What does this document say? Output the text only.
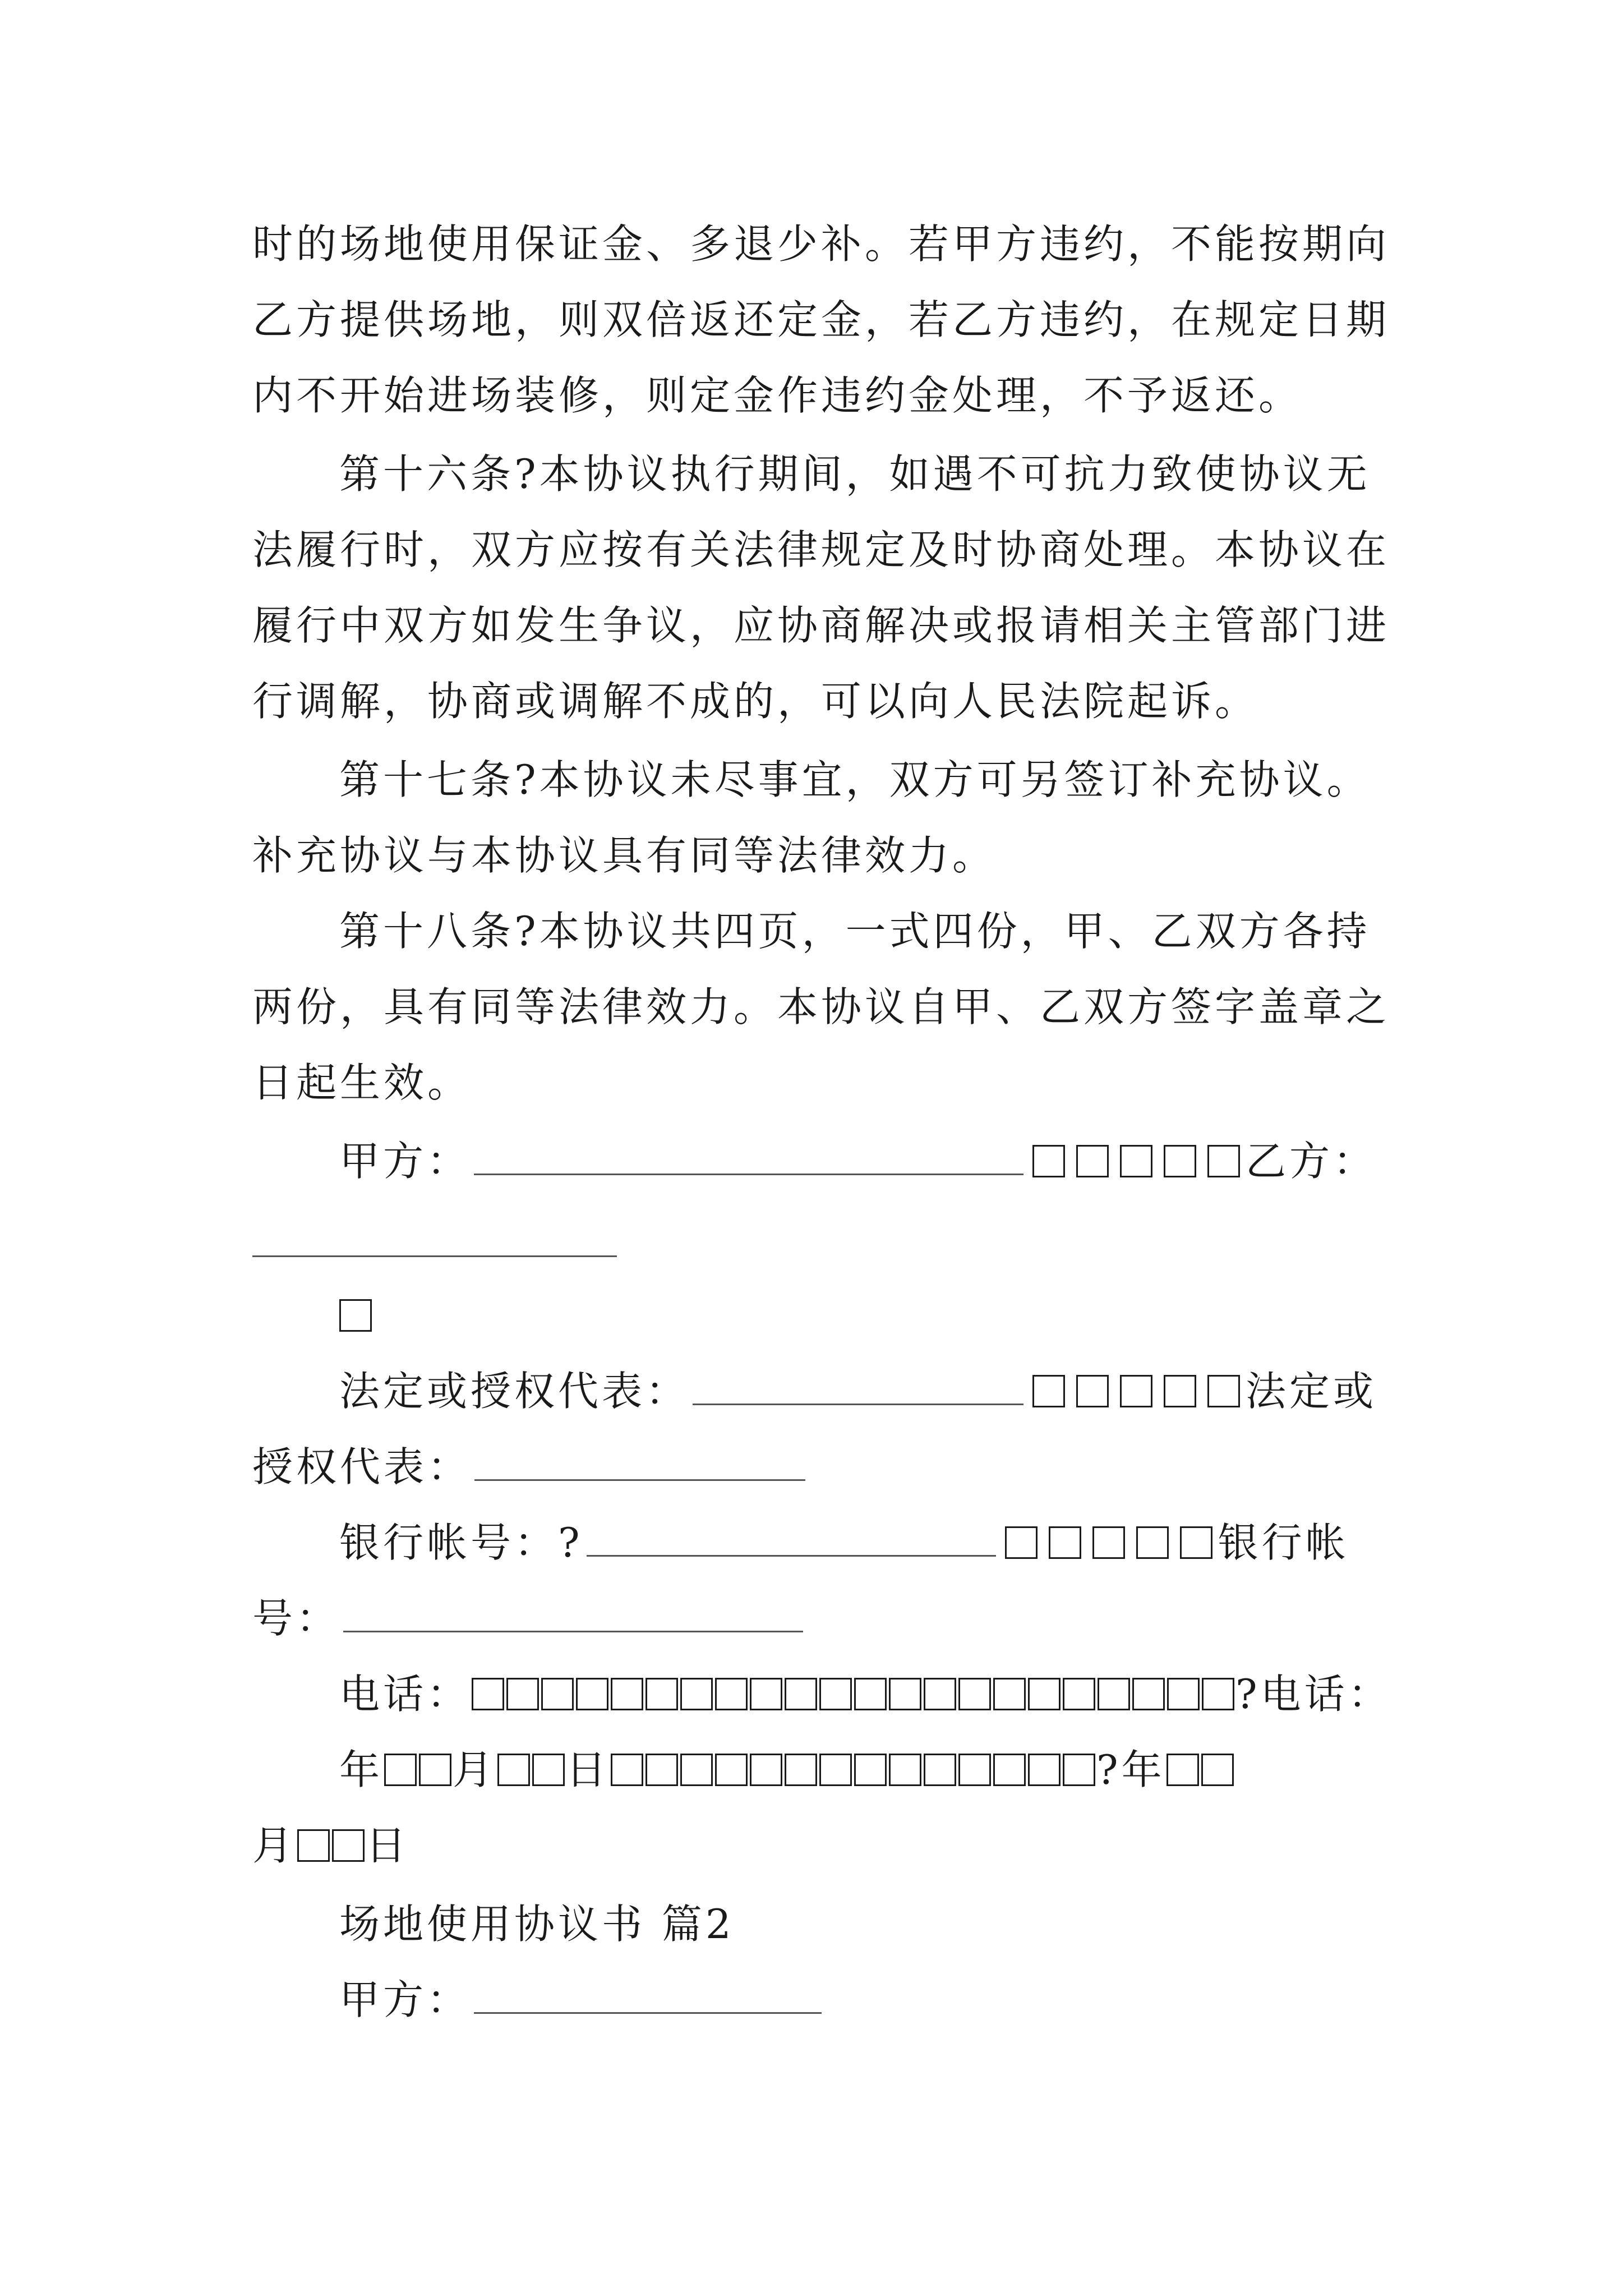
时的场地使用保证金、多退少补。若甲方违约，不能按期向
乙方提供场地，则双倍返还定金，若乙方违约，在规定日期
内不开始进场装修，则定金作违约金处理，不予返还。
第十六条?本协议执行期间，如遇不可抗力致使协议无
法履行时，双方应按有关法律规定及时协商处理。本协议在
履行中双方如发生争议，应协商解决或报请相关主管部门进
行调解，协商或调解不成的，可以向人民法院起诉。
第十七条?本协议未尽事宜，双方可另签订补充协议。
补充协议与本协议具有同等法律效力。
第十八条?本协议共四页，一式四份，甲、乙双方各持
两份，具有同等法律效力。本协议自甲、乙双方签字盖章之
日起生效。
甲方：	乙方：
法定或授权代表：	法定或
授权代表：
银行帐号：?	银行帐
号：
电话：	?电话：
年 月 日	?年
月 日
场地使用协议书 篇2
甲方：
